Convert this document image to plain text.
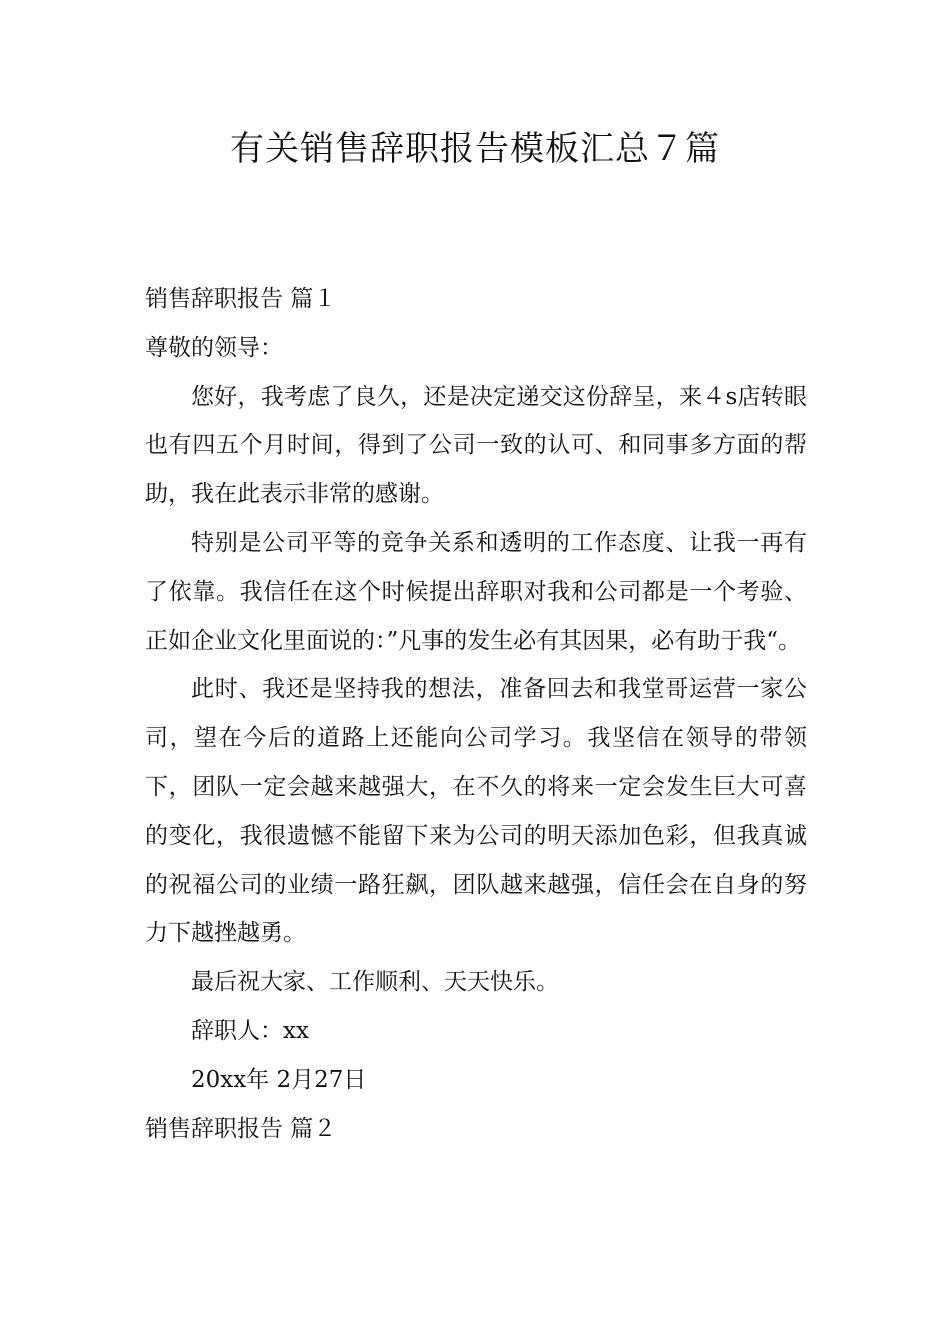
有关销售辞职报告模板汇总７篇

销售辞职报告 篇１

尊敬的领导：

您好，我考虑了良久，还是决定递交这份辞呈，来４s店转眼也有四五个月时间，得到了公司一致的认可、和同事多方面的帮助，我在此表示非常的感谢。

特别是公司平等的竞争关系和透明的工作态度、让我一再有了依靠。我信任在这个时候提出辞职对我和公司都是一个考验、正如企业文化里面说的：”凡事的发生必有其因果，必有助于我“。

此时、我还是坚持我的想法，准备回去和我堂哥运营一家公司，望在今后的道路上还能向公司学习。我坚信在领导的带领下，团队一定会越来越强大，在不久的将来一定会发生巨大可喜的变化，我很遗憾不能留下来为公司的明天添加色彩，但我真诚的祝福公司的业绩一路狂飙，团队越来越强，信任会在自身的努力下越挫越勇。

最后祝大家、工作顺利、天天快乐。

辞职人：xx

20xx年 2月27日

销售辞职报告 篇２
